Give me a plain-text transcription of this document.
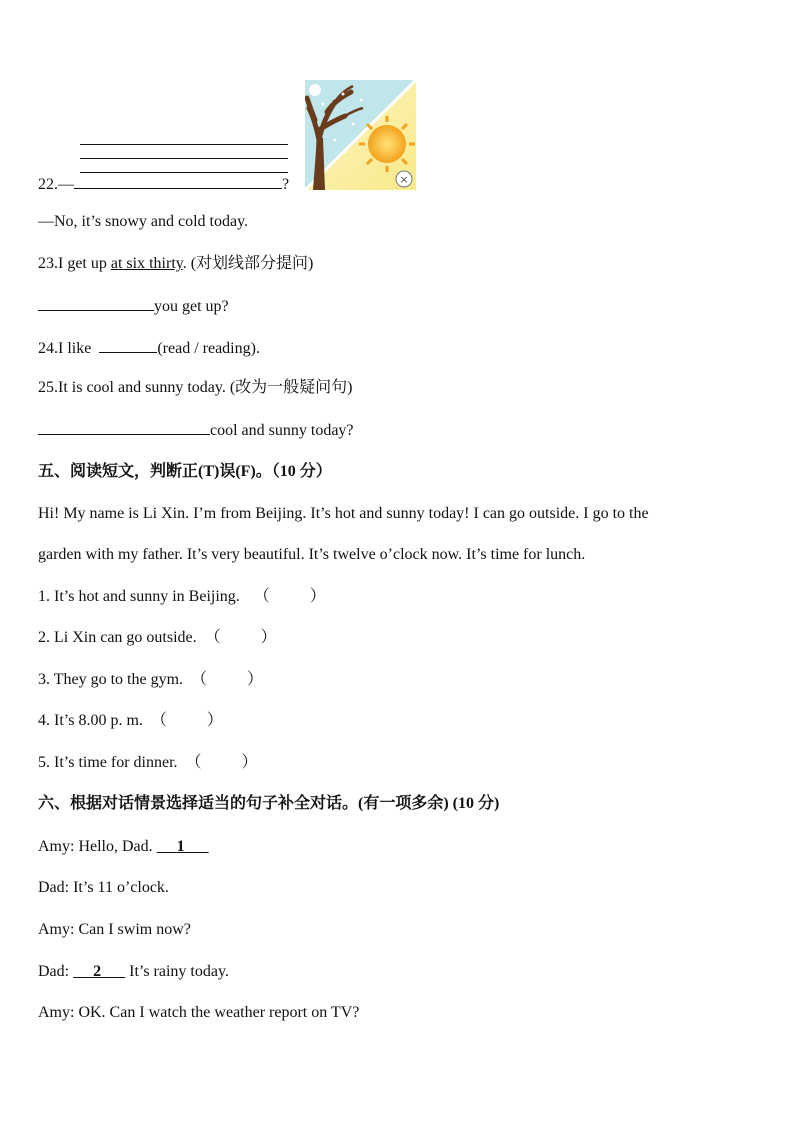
22.—	?	×
—No, it’s snowy and cold today.
23.I get up at six thirty. (对划线部分提问)
you get up?
24.I like	(read / reading).
25.It is cool and sunny today. (改为一般疑问句)
cool and sunny today?
五、阅读短文，判断正(T)误(F)。（10 分）
Hi! My name is Li Xin. I’m from Beijing. It’s hot and sunny today! I can go outside. I go to the
garden with my father. It’s very beautiful. It’s twelve o’clock now. It’s time for lunch.
1. It’s hot and sunny in Beijing. （	）
2. Li Xin can go outside. （	）
3. They go to the gym. （	）
4. It’s 8.00 p. m. （	）
5. It’s time for dinner. （	）
六、根据对话情景选择适当的句子补全对话。(有一项多余) (10 分)
Amy: Hello, Dad.      1
Dad: It’s 11 o’clock.
Amy: Can I swim now?
Dad:      2       It’s rainy today.
Amy: OK. Can I watch the weather report on TV?
